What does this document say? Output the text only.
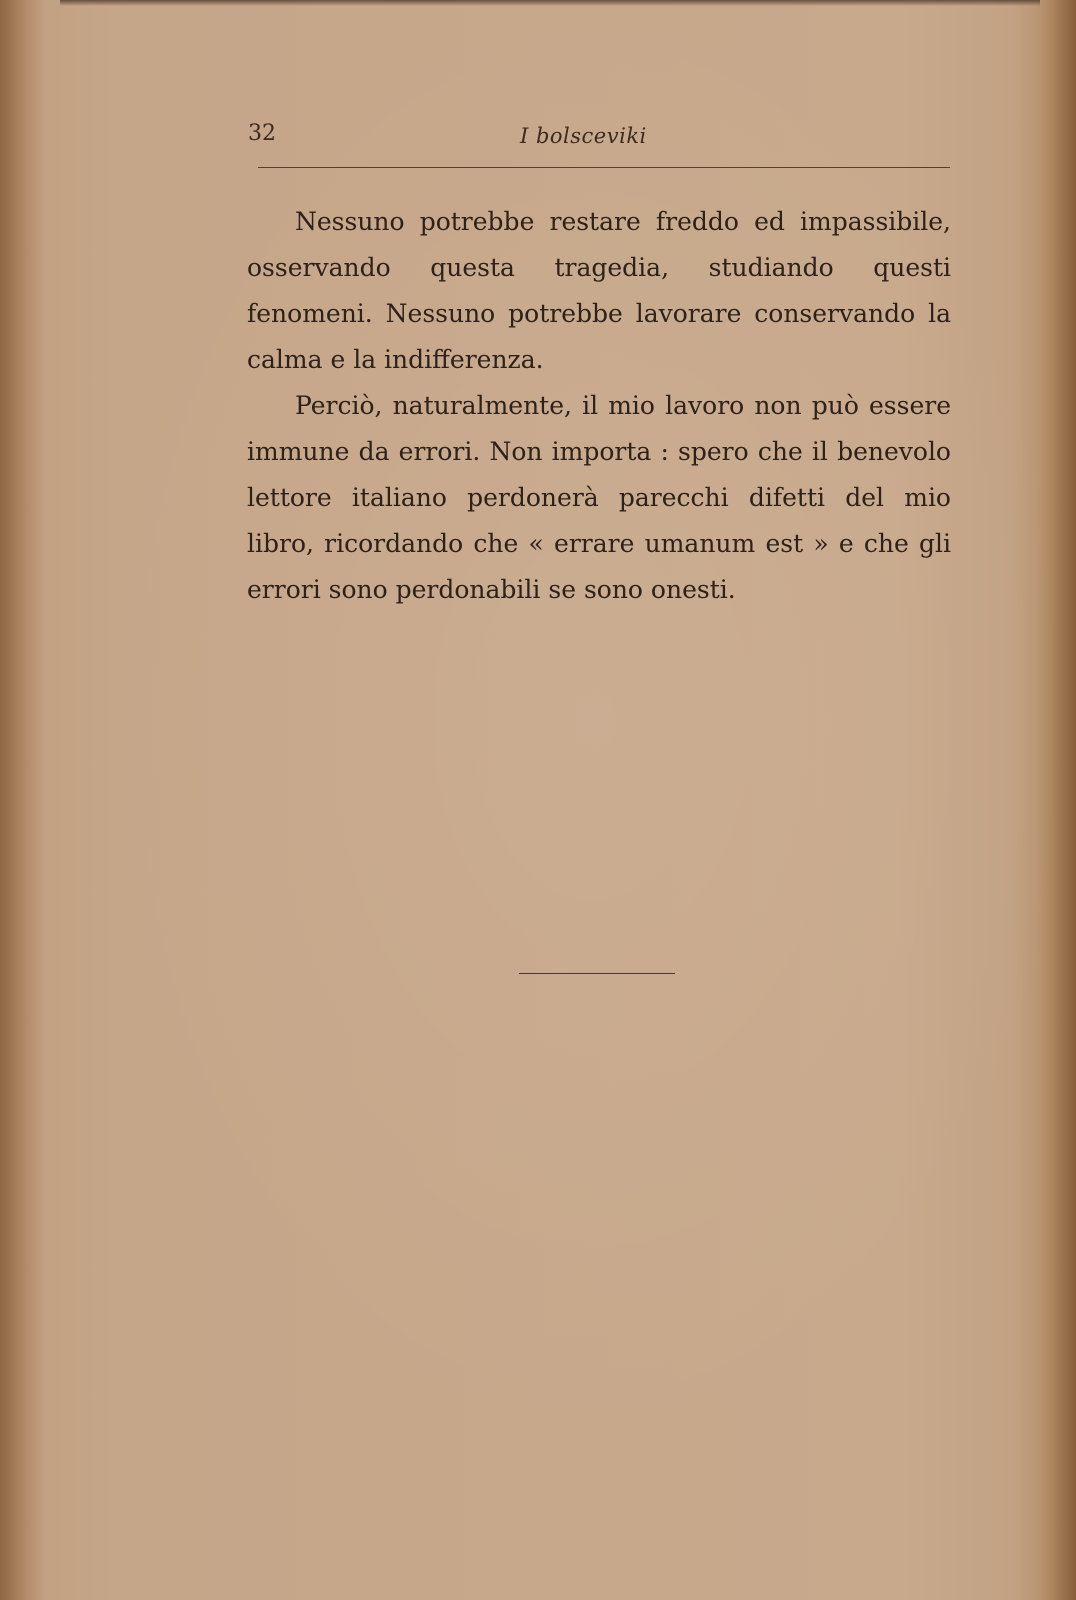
32	I bolsceviki

Nessuno potrebbe restare freddo ed impassibile, osservando questa tragedia, studiando questi fenomeni. Nessuno potrebbe lavorare conservando la calma e la indifferenza.

Perciò, naturalmente, il mio lavoro non può essere immune da errori. Non importa : spero che il benevolo lettore italiano perdonerà parecchi difetti del mio libro, ricordando che « errare umanum est » e che gli errori sono perdonabili se sono onesti.
